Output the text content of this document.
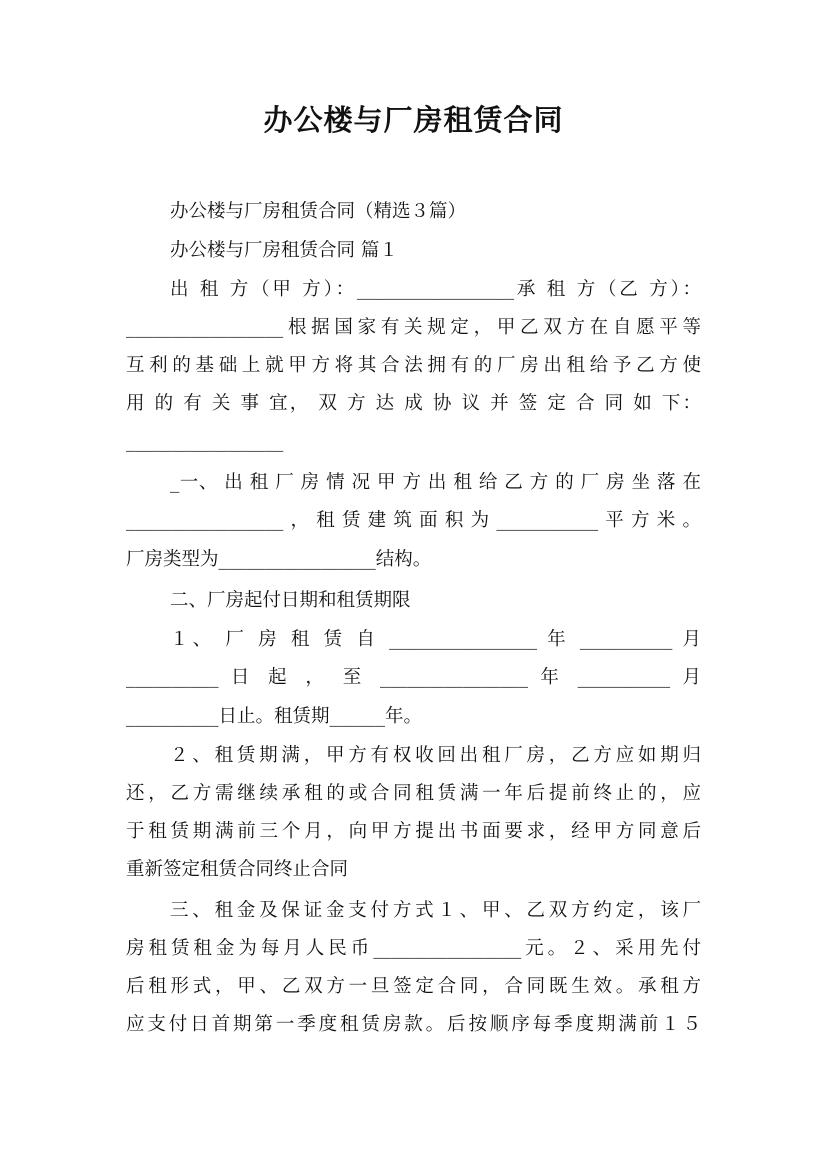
办公楼与厂房租赁合同

办公楼与厂房租赁合同（精选３篇）

办公楼与厂房租赁合同 篇１

出 租 方（甲 方）：_________________承 租 方（乙 方）：

_________________根据国家有关规定，甲乙双方在自愿平等

互利的基础上就甲方将其合法拥有的厂房出租给予乙方使

用 的 有 关 事 宜， 双 方 达 成 协 议 并 签 定 合 同 如 下：

_________________

_一、 出 租 厂 房 情 况 甲 方 出 租 给 乙 方 的 厂 房 坐 落 在

_________________，租赁建筑面积为___________平方米。

厂房类型为_________________结构。

二、厂房起付日期和租赁期限

１、 厂 房 租 赁 自 ________________ 年 __________ 月

__________ 日 起 ， 至 ________________ 年 __________ 月

__________日止。租赁期______年。

２、租赁期满，甲方有权收回出租厂房，乙方应如期归

还，乙方需继续承租的或合同租赁满一年后提前终止的，应

于租赁期满前三个月，向甲方提出书面要求，经甲方同意后

重新签定租赁合同终止合同

三、租金及保证金支付方式１、甲、乙双方约定，该厂

房租赁租金为每月人民币________________元。２、采用先付

后租形式，甲、乙双方一旦签定合同，合同既生效。承租方

应支付日首期第一季度租赁房款。后按顺序每季度期满前１５
